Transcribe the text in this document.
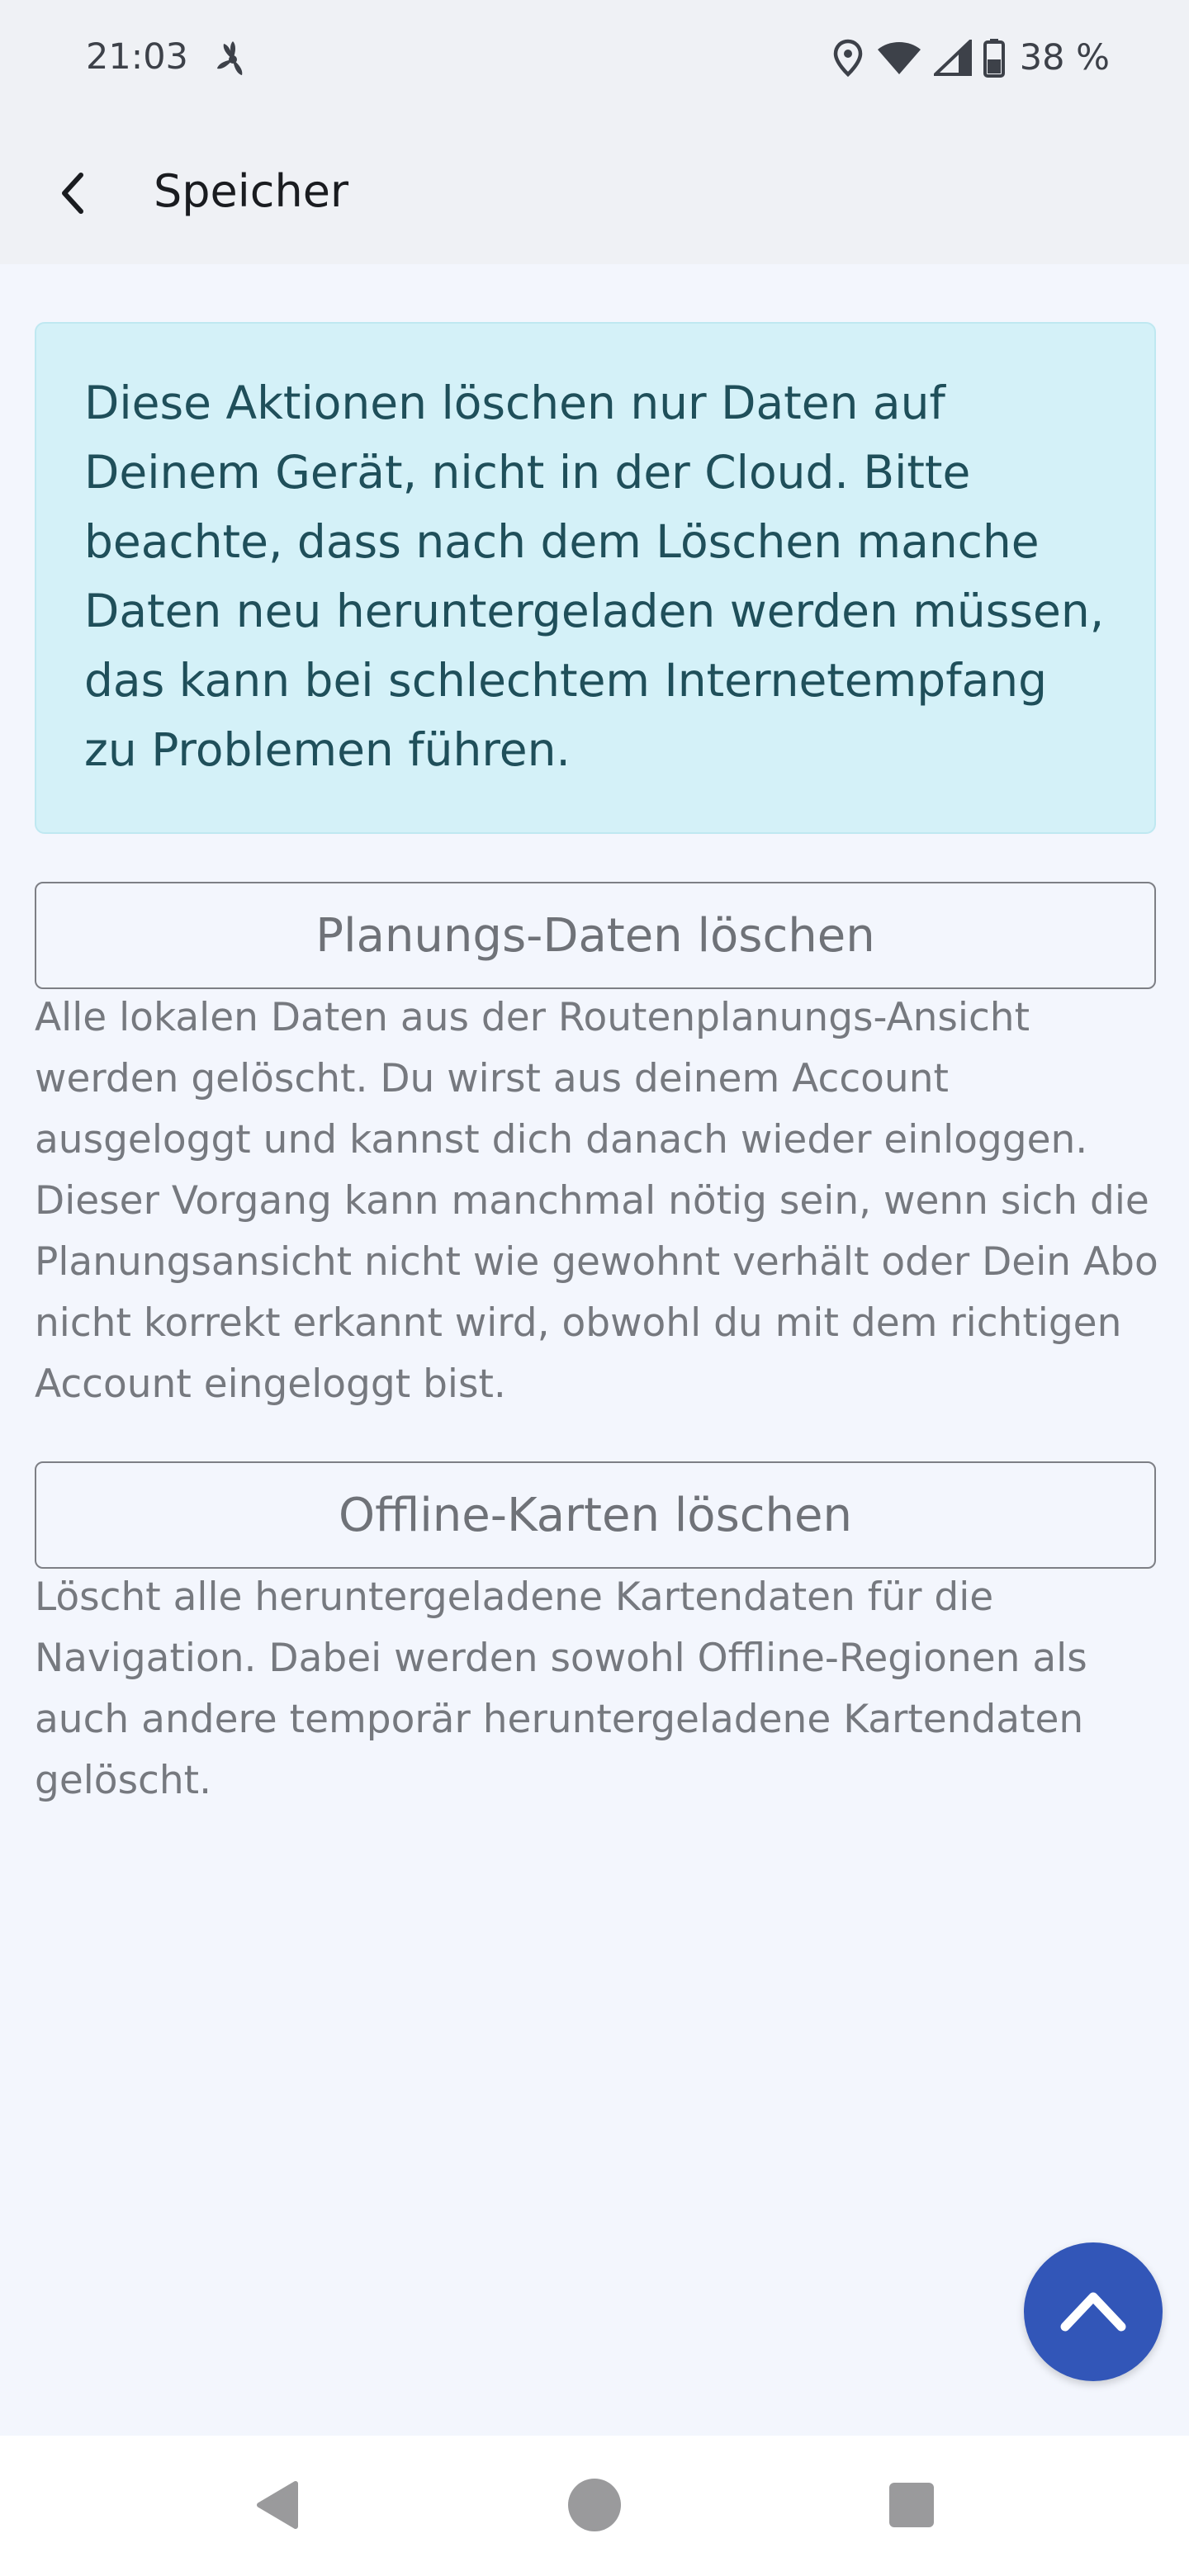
21:03	38 %
Speicher

Diese Aktionen löschen nur Daten auf Deinem Gerät, nicht in der Cloud. Bitte beachte, dass nach dem Löschen manche Daten neu heruntergeladen werden müssen, das kann bei schlechtem Internetempfang zu Problemen führen.

Planungs-Daten löschen

Alle lokalen Daten aus der Routenplanungs-Ansicht werden gelöscht. Du wirst aus deinem Account ausgeloggt und kannst dich danach wieder einloggen. Dieser Vorgang kann manchmal nötig sein, wenn sich die Planungsansicht nicht wie gewohnt verhält oder Dein Abo nicht korrekt erkannt wird, obwohl du mit dem richtigen Account eingeloggt bist.

Offline-Karten löschen

Löscht alle heruntergeladene Kartendaten für die Navigation. Dabei werden sowohl Offline-Regionen als auch andere temporär heruntergeladene Kartendaten gelöscht.
